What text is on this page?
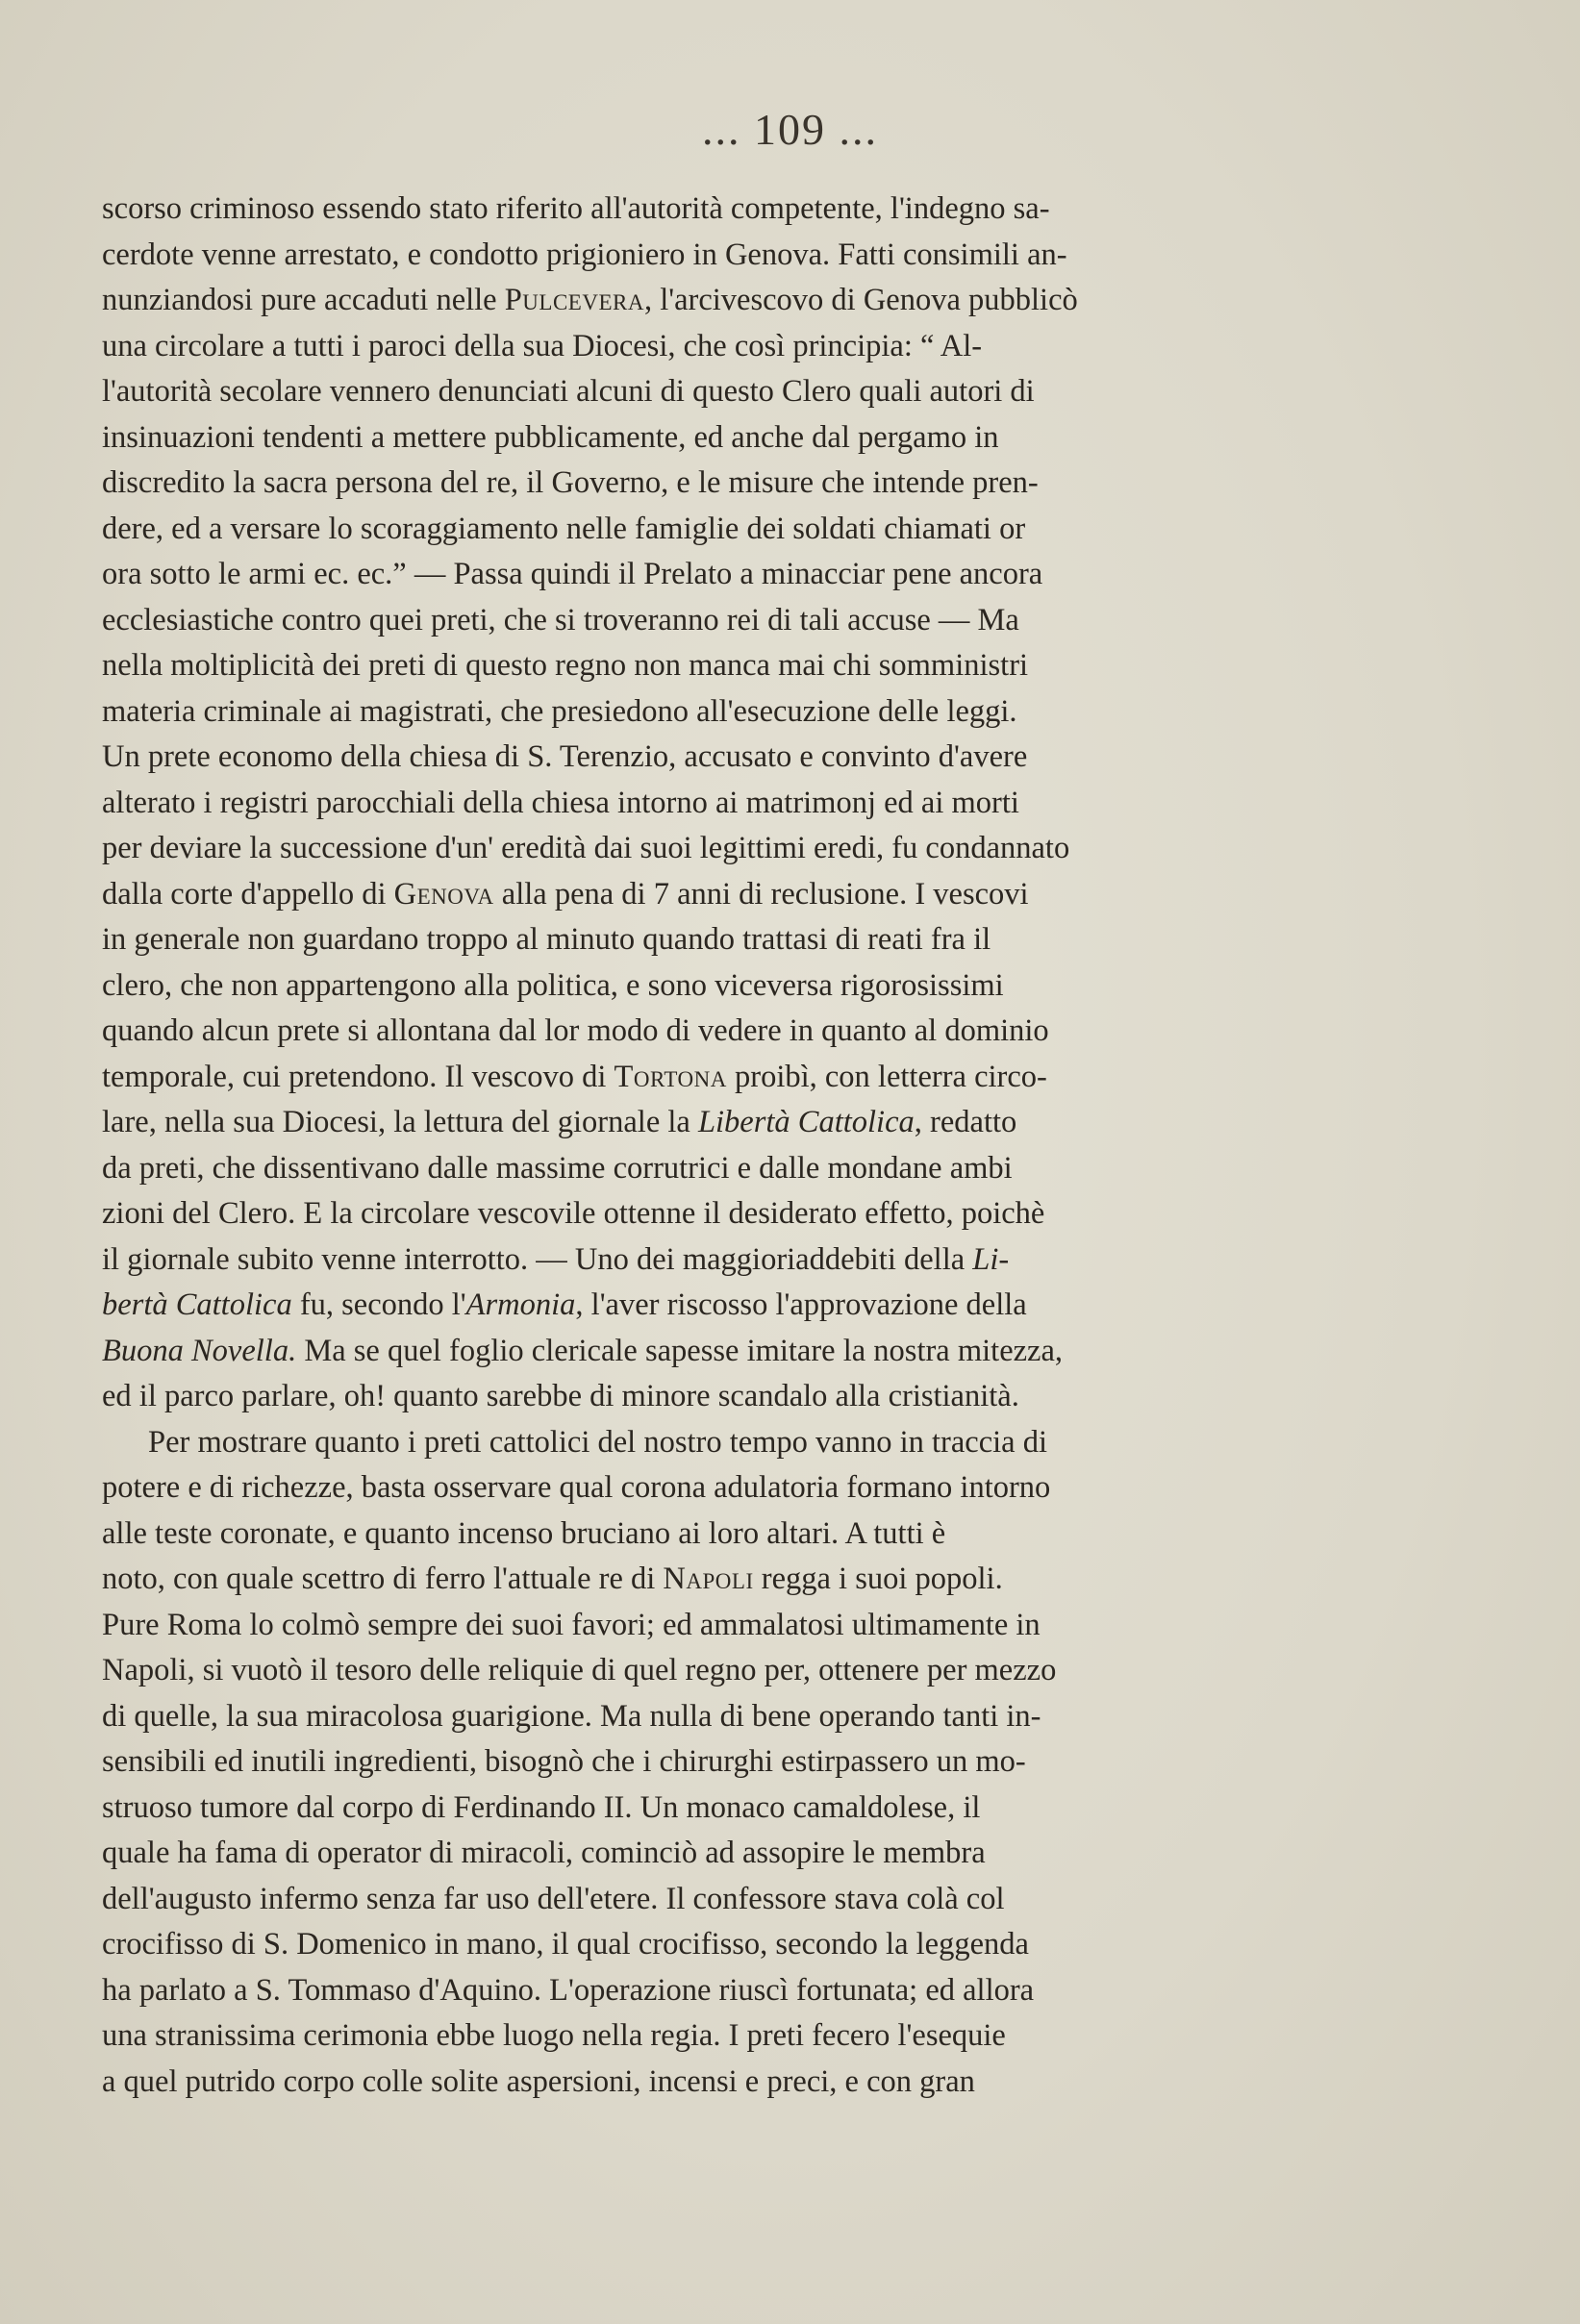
... 109 ...
scorso criminoso essendo stato riferito all'autorità competente, l'indegno sa-
cerdote venne arrestato, e condotto prigioniero in Genova. Fatti consimili an-
nunziandosi pure accaduti nelle Pulcevera, l'arcivescovo di Genova pubblicò
una circolare a tutti i paroci della sua Diocesi, che così principia: “ Al-
l'autorità secolare vennero denunciati alcuni di questo Clero quali autori di
insinuazioni tendenti a mettere pubblicamente, ed anche dal pergamo in
discredito la sacra persona del re, il Governo, e le misure che intende pren-
dere, ed a versare lo scoraggiamento nelle famiglie dei soldati chiamati or
ora sotto le armi ec. ec.” — Passa quindi il Prelato a minacciar pene ancora
ecclesiastiche contro quei preti, che si troveranno rei di tali accuse — Ma
nella moltiplicità dei preti di questo regno non manca mai chi somministri
materia criminale ai magistrati, che presiedono all'esecuzione delle leggi.
Un prete economo della chiesa di S. Terenzio, accusato e convinto d'avere
alterato i registri parocchiali della chiesa intorno ai matrimonj ed ai morti
per deviare la successione d'un' eredità dai suoi legittimi eredi, fu condannato
dalla corte d'appello di Genova alla pena di 7 anni di reclusione. I vescovi
in generale non guardano troppo al minuto quando trattasi di reati fra il
clero, che non appartengono alla politica, e sono viceversa rigorosissimi
quando alcun prete si allontana dal lor modo di vedere in quanto al dominio
temporale, cui pretendono. Il vescovo di Tortona proibì, con letterra circo-
lare, nella sua Diocesi, la lettura del giornale la Libertà Cattolica, redatto
da preti, che dissentivano dalle massime corrutrici e dalle mondane ambi
zioni del Clero. E la circolare vescovile ottenne il desiderato effetto, poichè
il giornale subito venne interrotto. — Uno dei maggioriaddebiti della Li-
bertà Cattolica fu, secondo l'Armonia, l'aver riscosso l'approvazione della
Buona Novella. Ma se quel foglio clericale sapesse imitare la nostra mitezza,
ed il parco parlare, oh! quanto sarebbe di minore scandalo alla cristianità.
Per mostrare quanto i preti cattolici del nostro tempo vanno in traccia di
potere e di richezze, basta osservare qual corona adulatoria formano intorno
alle teste coronate, e quanto incenso bruciano ai loro altari. A tutti è
noto, con quale scettro di ferro l'attuale re di Napoli regga i suoi popoli.
Pure Roma lo colmò sempre dei suoi favori; ed ammalatosi ultimamente in
Napoli, si vuotò il tesoro delle reliquie di quel regno per, ottenere per mezzo
di quelle, la sua miracolosa guarigione. Ma nulla di bene operando tanti in-
sensibili ed inutili ingredienti, bisognò che i chirurghi estirpassero un mo-
struoso tumore dal corpo di Ferdinando II. Un monaco camaldolese, il
quale ha fama di operator di miracoli, cominciò ad assopire le membra
dell'augusto infermo senza far uso dell'etere. Il confessore stava colà col
crocifisso di S. Domenico in mano, il qual crocifisso, secondo la leggenda
ha parlato a S. Tommaso d'Aquino. L'operazione riuscì fortunata; ed allora
una stranissima cerimonia ebbe luogo nella regia. I preti fecero l'esequie
a quel putrido corpo colle solite aspersioni, incensi e preci, e con gran
